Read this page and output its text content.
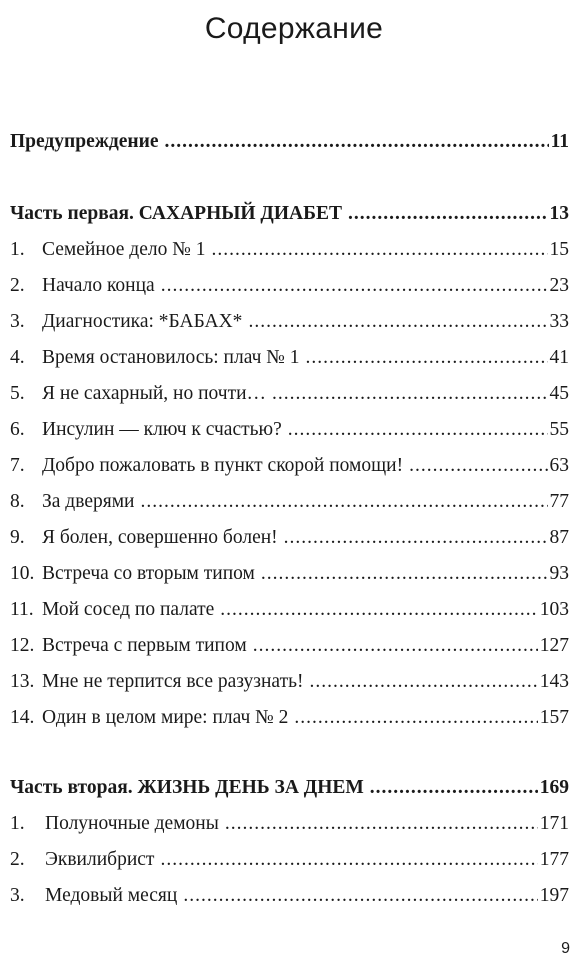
Содержание
Предупреждение .....	11
Часть первая. САХАРНЫЙ ДИАБЕТ .....	13
1. Семейное дело № 1 .....	15
2. Начало конца .....	23
3. Диагностика: *БАБАХ* .....	33
4. Время остановилось: плач № 1 .....	41
5. Я не сахарный, но почти… .....	45
6. Инсулин — ключ к счастью? .....	55
7. Добро пожаловать в пункт скорой помощи! .....	63
8. За дверями .....	77
9. Я болен, совершенно болен! .....	87
10. Встреча со вторым типом .....	93
11. Мой сосед по палате .....	103
12. Встреча с первым типом .....	127
13. Мне не терпится все разузнать! .....	143
14. Один в целом мире: плач № 2 .....	157
Часть вторая. ЖИЗНЬ ДЕНЬ ЗА ДНЕМ .....	169
1.	Полуночные демоны .....	171
2.	Эквилибрист .....	177
3.	Медовый месяц .....	197
9
